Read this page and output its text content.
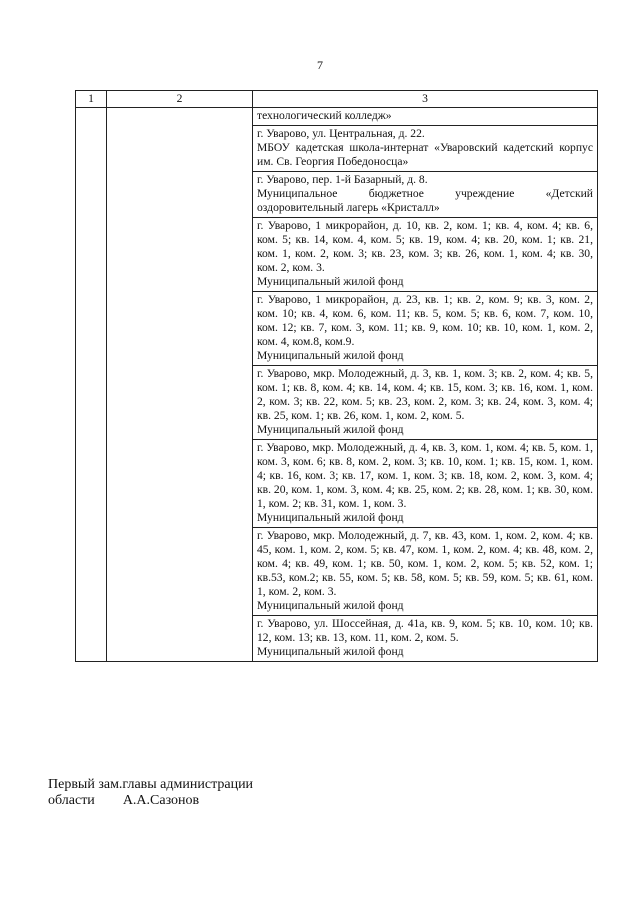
7
1	2	3

		технологический колледж»

		г. Уварово, ул. Центральная, д. 22.
МБОУ кадетская школа-интернат «Уваровский кадетский корпус им. Св. Георгия Победоносца»

		г. Уварово, пер. 1-й Базарный, д. 8.
Муниципальное бюджетное учреждение «Детский оздоровительный лагерь «Кристалл»

		г. Уварово, 1 микрорайон, д. 10, кв. 2, ком. 1; кв. 4, ком. 4; кв. 6, ком. 5; кв. 14, ком. 4, ком. 5; кв. 19, ком. 4; кв. 20, ком. 1; кв. 21, ком. 1, ком. 2, ком. 3; кв. 23, ком. 3; кв. 26, ком. 1, ком. 4; кв. 30, ком. 2, ком. 3.
Муниципальный жилой фонд

		г. Уварово, 1 микрорайон, д. 23, кв. 1; кв. 2, ком. 9; кв. 3, ком. 2, ком. 10; кв. 4, ком. 6, ком. 11; кв. 5, ком. 5; кв. 6, ком. 7, ком. 10, ком. 12; кв. 7, ком. 3, ком. 11; кв. 9, ком. 10; кв. 10, ком. 1, ком. 2, ком. 4, ком.8, ком.9.
Муниципальный жилой фонд

		г. Уварово, мкр. Молодежный, д. 3, кв. 1, ком. 3; кв. 2, ком. 4; кв. 5, ком. 1; кв. 8, ком. 4; кв. 14, ком. 4; кв. 15, ком. 3; кв. 16, ком. 1, ком. 2, ком. 3; кв. 22, ком. 5; кв. 23, ком. 2, ком. 3; кв. 24, ком. 3, ком. 4; кв. 25, ком. 1; кв. 26, ком. 1, ком. 2, ком. 5.
Муниципальный жилой фонд

		г. Уварово, мкр. Молодежный, д. 4, кв. 3, ком. 1, ком. 4; кв. 5, ком. 1, ком. 3, ком. 6; кв. 8, ком. 2, ком. 3; кв. 10, ком. 1; кв. 15, ком. 1, ком. 4; кв. 16, ком. 3; кв. 17, ком. 1, ком. 3; кв. 18, ком. 2, ком. 3, ком. 4; кв. 20, ком. 1, ком. 3, ком. 4; кв. 25, ком. 2; кв. 28, ком. 1; кв. 30, ком. 1, ком. 2; кв. 31, ком. 1, ком. 3.
Муниципальный жилой фонд

		г. Уварово, мкр. Молодежный, д. 7, кв. 43, ком. 1, ком. 2, ком. 4; кв. 45, ком. 1, ком. 2, ком. 5; кв. 47, ком. 1, ком. 2, ком. 4; кв. 48, ком. 2, ком. 4; кв. 49, ком. 1; кв. 50, ком. 1, ком. 2, ком. 5; кв. 52, ком. 1; кв.53, ком.2; кв. 55, ком. 5; кв. 58, ком. 5; кв. 59, ком. 5; кв. 61, ком. 1, ком. 2, ком. 3.
Муниципальный жилой фонд

		г. Уварово, ул. Шоссейная, д. 41а, кв. 9, ком. 5; кв. 10, ком. 10; кв. 12, ком. 13; кв. 13, ком. 11, ком. 2, ком. 5.
Муниципальный жилой фонд
Первый зам.главы администрации
области А.А.Сазонов
